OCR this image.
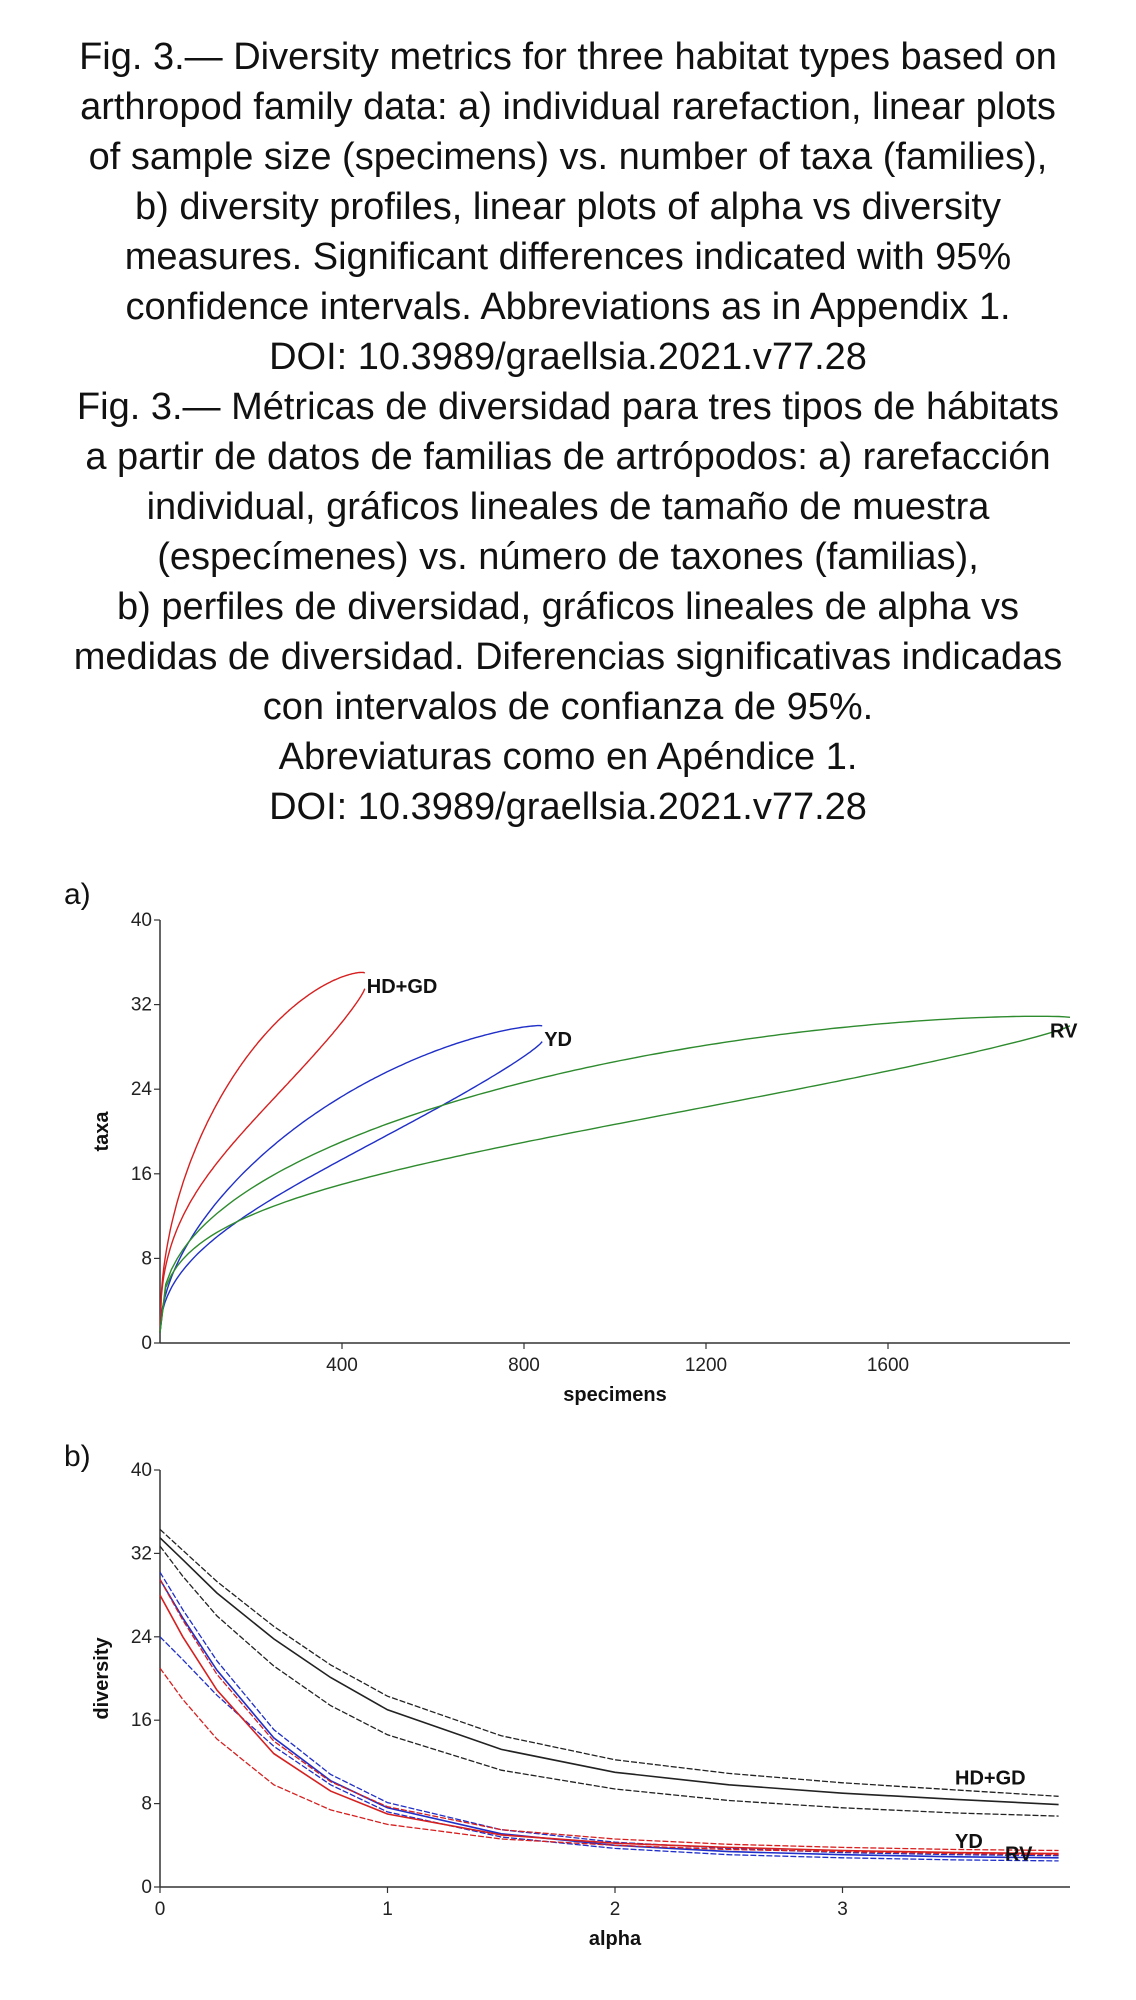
Fig. 3.— Diversity metrics for three habitat types based on
arthropod family data: a) individual rarefaction, linear plots
of sample size (specimens) vs. number of taxa (families),
b) diversity profiles, linear plots of alpha vs diversity
measures. Significant differences indicated with 95%
confidence intervals. Abbreviations as in Appendix 1.
DOI: 10.3989/graellsia.2021.v77.28
Fig. 3.— Métricas de diversidad para tres tipos de hábitats
a partir de datos de familias de artrópodos: a) rarefacción
individual, gráficos lineales de tamaño de muestra
(especímenes) vs. número de taxones (familias),
b) perfiles de diversidad, gráficos lineales de alpha vs
medidas de diversidad. Diferencias significativas indicadas
con intervalos de confianza de 95%.
Abreviaturas como en Apéndice 1.
DOI: 10.3989/graellsia.2021.v77.28
a)
0
8
16
24
32
40
400	800	1200	1600
specimens
taxa
HD+GD
YD	RV
b)
0
8
16
24
32
40
0	1	2	3
alpha
diversity
HD+GD
YD
RV
